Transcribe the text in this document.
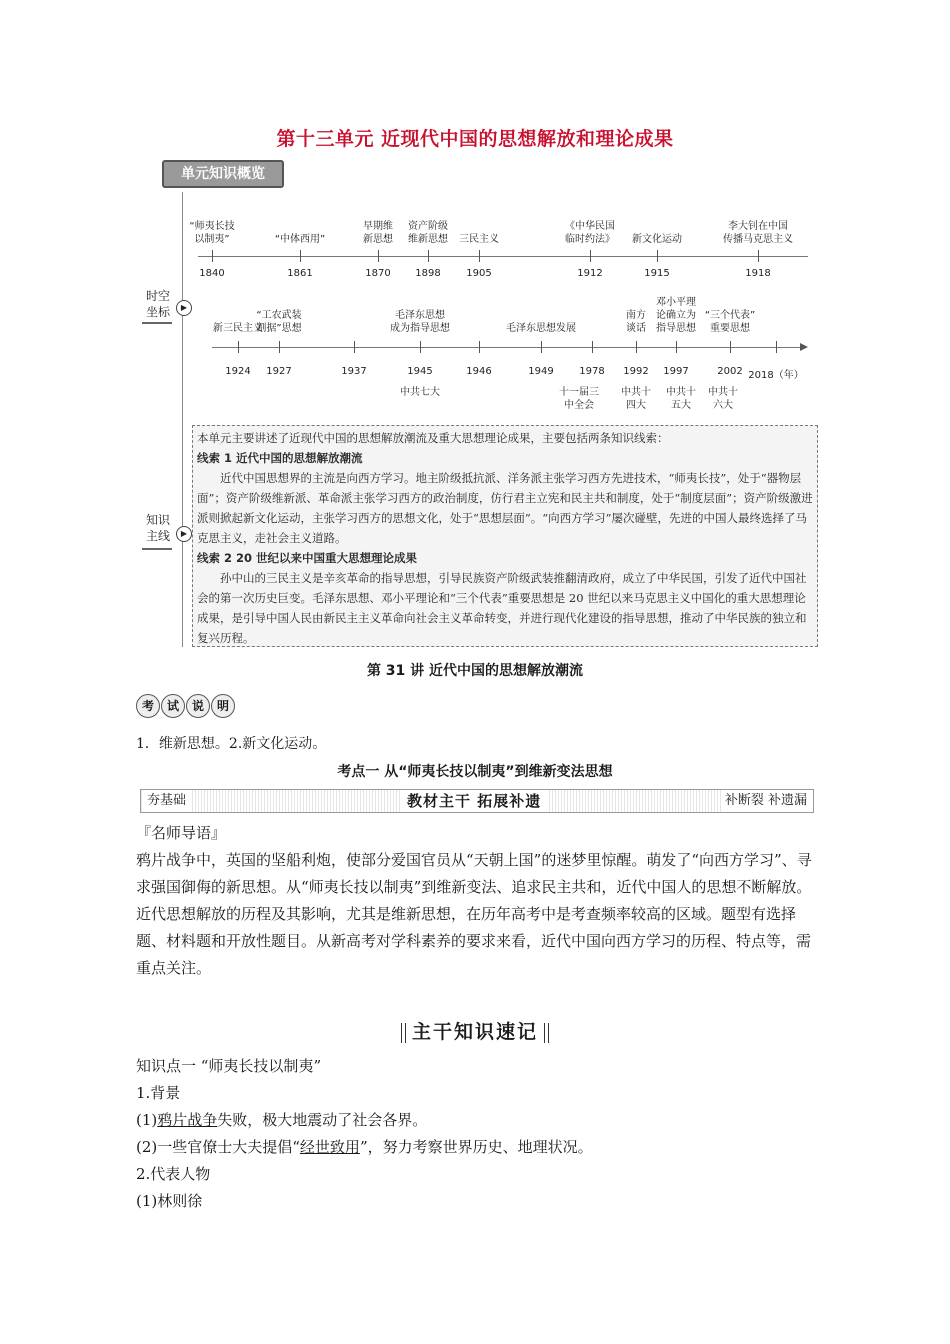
第十三单元 近现代中国的思想解放和理论成果
单元知识概览
时空
坐标	▶
知识
主线	▶
“师夷长技
以制夷”
1840
“中体西用”
1861
早期维
新思想
1870
资产阶级
维新思想
1898
三民主义
1905
《中华民国
临时约法》
1912
新文化运动
1915
李大钊在中国
传播马克思主义
1918
新三民主义
1924
“工农武装
割据”思想
1927	1937
毛泽东思想
成为指导思想
1945	1946
毛泽东思想发展
1949	1978
南方
谈话
1992
邓小平理
论确立为
指导思想
1997
“三个代表”
重要思想
2002 2018（年）
中共七大	十一届三
中全会
中共十
四大
中共十
五大
中共十
六大
本单元主要讲述了近现代中国的思想解放潮流及重大思想理论成果，主要包括两条知识线索：
线索 1 近代中国的思想解放潮流
近代中国思想界的主流是向西方学习。地主阶级抵抗派、洋务派主张学习西方先进技术，“师夷长技”，处于“器物层面”；资产阶级维新派、革命派主张学习西方的政治制度，仿行君主立宪和民主共和制度，处于“制度层面”；资产阶级激进派则掀起新文化运动，主张学习西方的思想文化，处于“思想层面”。“向西方学习”屡次碰壁，先进的中国人最终选择了马克思主义，走社会主义道路。
线索 2 20 世纪以来中国重大思想理论成果
孙中山的三民主义是辛亥革命的指导思想，引导民族资产阶级武装推翻清政府，成立了中华民国，引发了近代中国社会的第一次历史巨变。毛泽东思想、邓小平理论和“三个代表”重要思想是 20 世纪以来马克思主义中国化的重大思想理论成果，是引导中国人民由新民主主义革命向社会主义革命转变，并进行现代化建设的指导思想，推动了中华民族的独立和复兴历程。
第 31 讲 近代中国的思想解放潮流
考 试 说 明
1．维新思想。2.新文化运动。
考点一 从“师夷长技以制夷”到维新变法思想
夯基础	教材主干 拓展补遗	补断裂 补遗漏
『名师导语』
鸦片战争中，英国的坚船利炮，使部分爱国官员从“天朝上国”的迷梦里惊醒。萌发了“向西方学习”、寻求强国御侮的新思想。从“师夷长技以制夷”到维新变法、追求民主共和，近代中国人的思想不断解放。近代思想解放的历程及其影响，尤其是维新思想，在历年高考中是考查频率较高的区域。题型有选择题、材料题和开放性题目。从新高考对学科素养的要求来看，近代中国向西方学习的历程、特点等，需重点关注。
主干知识速记
知识点一 “师夷长技以制夷”
1.背景
(1)鸦片战争失败，极大地震动了社会各界。
(2)一些官僚士大夫提倡“经世致用”，努力考察世界历史、地理状况。
2.代表人物
(1)林则徐
